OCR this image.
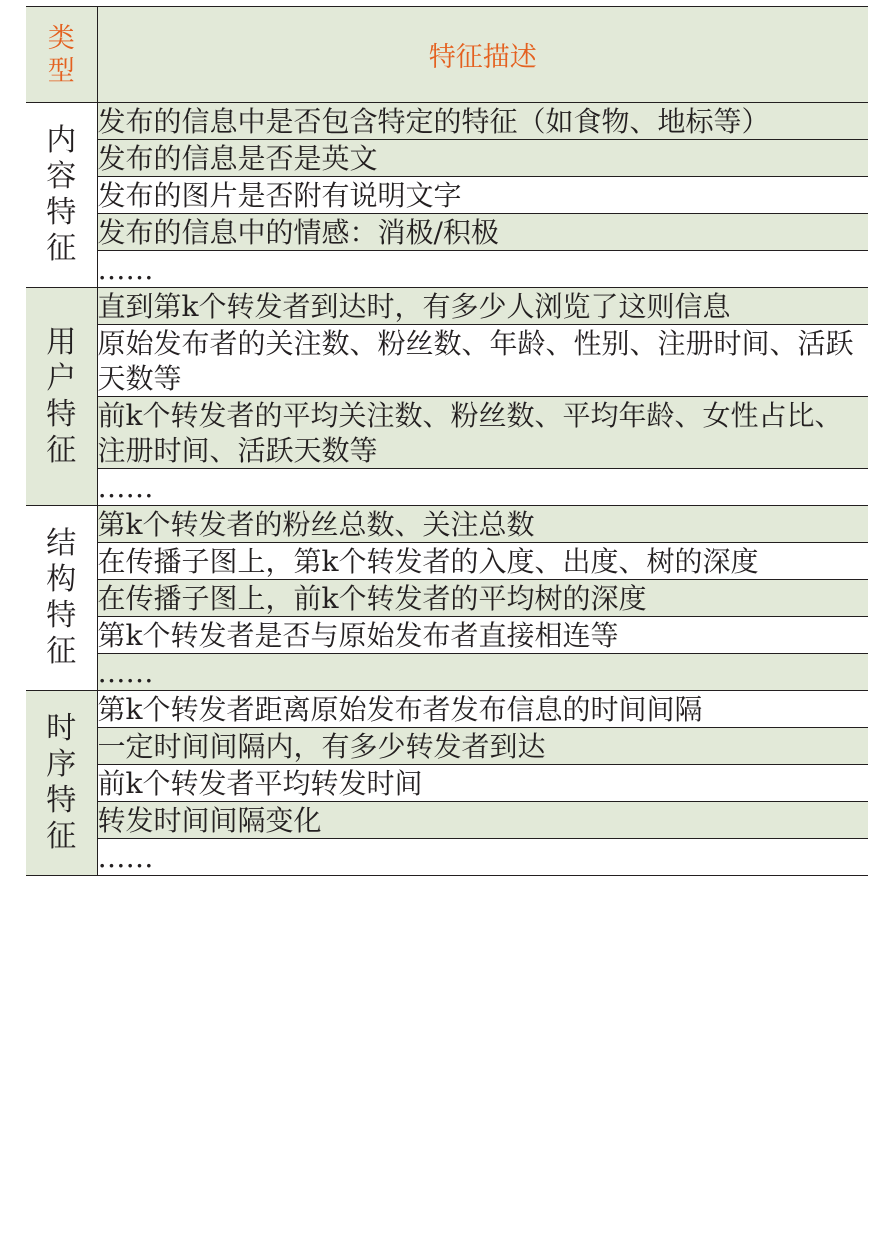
类型	特征描述
内容特征	发布的信息中是否包含特定的特征（如食物、地标等）
	发布的信息是否是英文
	发布的图片是否附有说明文字
	发布的信息中的情感：消极/积极
	……
用户特征	直到第k个转发者到达时，有多少人浏览了这则信息
	原始发布者的关注数、粉丝数、年龄、性别、注册时间、活跃天数等
	前k个转发者的平均关注数、粉丝数、平均年龄、女性占比、注册时间、活跃天数等
	……
结构特征	第k个转发者的粉丝总数、关注总数
	在传播子图上，第k个转发者的入度、出度、树的深度
	在传播子图上，前k个转发者的平均树的深度
	第k个转发者是否与原始发布者直接相连等
	……
时序特征	第k个转发者距离原始发布者发布信息的时间间隔
	一定时间间隔内，有多少转发者到达
	前k个转发者平均转发时间
	转发时间间隔变化
	……
